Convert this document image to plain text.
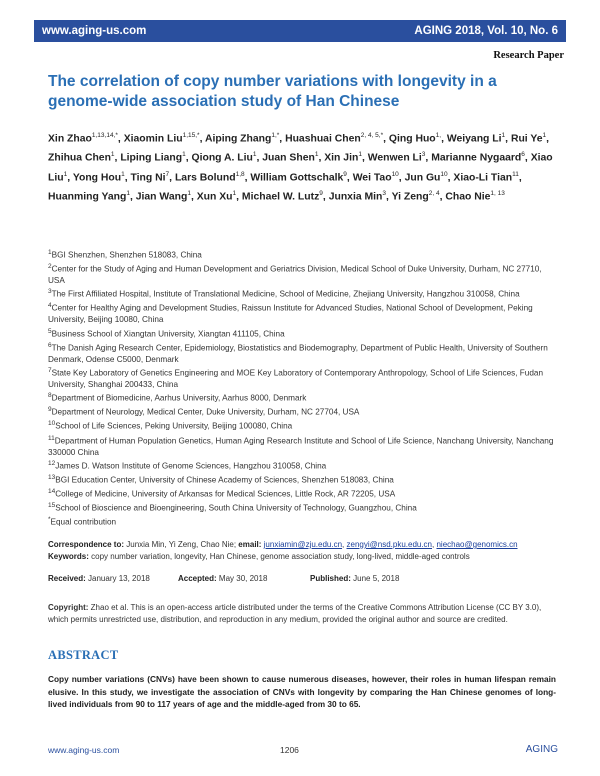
www.aging-us.com	AGING 2018, Vol. 10, No. 6
Research Paper
The correlation of copy number variations with longevity in a genome-wide association study of Han Chinese

Xin Zhao$^{1,13,14,*}$, Xiaomin Liu$^{1,15,*}$, Aiping Zhang$^{1,*}$, Huashuai Chen$^{2, 4, 5,*}$, Qing Huo$^{1,}$, Weiyang Li$^1$, Rui Ye$^1$, Zhihua Chen$^1$, Liping Liang$^1$, Qiong A. Liu$^1$, Juan Shen$^1$, Xin Jin$^1$, Wenwen Li$^3$, Marianne Nygaard$^6$, Xiao Liu$^1$, Yong Hou$^1$, Ting Ni$^7$, Lars Bolund$^{1,8}$, William Gottschalk$^9$, Wei Tao$^{10}$, Jun Gu$^{10}$, Xiao-Li Tian$^{11}$, Huanming Yang$^1$, Jian Wang$^1$, Xun Xu$^1$, Michael W. Lutz$^9$, Junxia Min$^3$, Yi Zeng$^{2, 4}$, Chao Nie$^{1, 13}$

$^1$BGI Shenzhen, Shenzhen 518083, China
$^2$Center for the Study of Aging and Human Development and Geriatrics Division, Medical School of Duke University, Durham, NC 27710, USA
$^3$The First Affiliated Hospital, Institute of Translational Medicine, School of Medicine, Zhejiang University, Hangzhou 310058, China
$^4$Center for Healthy Aging and Development Studies, Raissun Institute for Advanced Studies, National School of Development, Peking University, Beijing 10080, China
$^5$Business School of Xiangtan University, Xiangtan 411105, China
$^6$The Danish Aging Research Center, Epidemiology, Biostatistics and Biodemography, Department of Public Health, University of Southern Denmark, Odense C5000, Denmark
$^7$State Key Laboratory of Genetics Engineering and MOE Key Laboratory of Contemporary Anthropology, School of Life Sciences, Fudan University, Shanghai 200433, China
$^8$Department of Biomedicine, Aarhus University, Aarhus 8000, Denmark
$^9$Department of Neurology, Medical Center, Duke University, Durham, NC 27704, USA
$^{10}$School of Life Sciences, Peking University, Beijing 100080, China
$^{11}$Department of Human Population Genetics, Human Aging Research Institute and School of Life Science, Nanchang University, Nanchang 330000 China
$^{12}$James D. Watson Institute of Genome Sciences, Hangzhou 310058, China
$^{13}$BGI Education Center, University of Chinese Academy of Sciences, Shenzhen 518083, China
$^{14}$College of Medicine, University of Arkansas for Medical Sciences, Little Rock, AR 72205, USA
$^{15}$School of Bioscience and Bioengineering, South China University of Technology, Guangzhou, China
*Equal contribution
Correspondence to: Junxia Min, Yi Zeng, Chao Nie; email: junxiamin@zju.edu.cn, zengyi@nsd.pku.edu.cn, niechao@genomics.cn
Keywords: copy number variation, longevity, Han Chinese, genome association study, long-lived, middle-aged controls
Received: January 13, 2018	Accepted: May 30, 2018	Published: June 5, 2018

Copyright: Zhao et al. This is an open-access article distributed under the terms of the Creative Commons Attribution License (CC BY 3.0), which permits unrestricted use, distribution, and reproduction in any medium, provided the original author and source are credited.

ABSTRACT

Copy number variations (CNVs) have been shown to cause numerous diseases, however, their roles in human lifespan remain elusive. In this study, we investigate the association of CNVs with longevity by comparing the Han Chinese genomes of long-lived individuals from 90 to 117 years of age and the middle-aged from 30 to 65.

www.aging-us.com	1206	AGING
